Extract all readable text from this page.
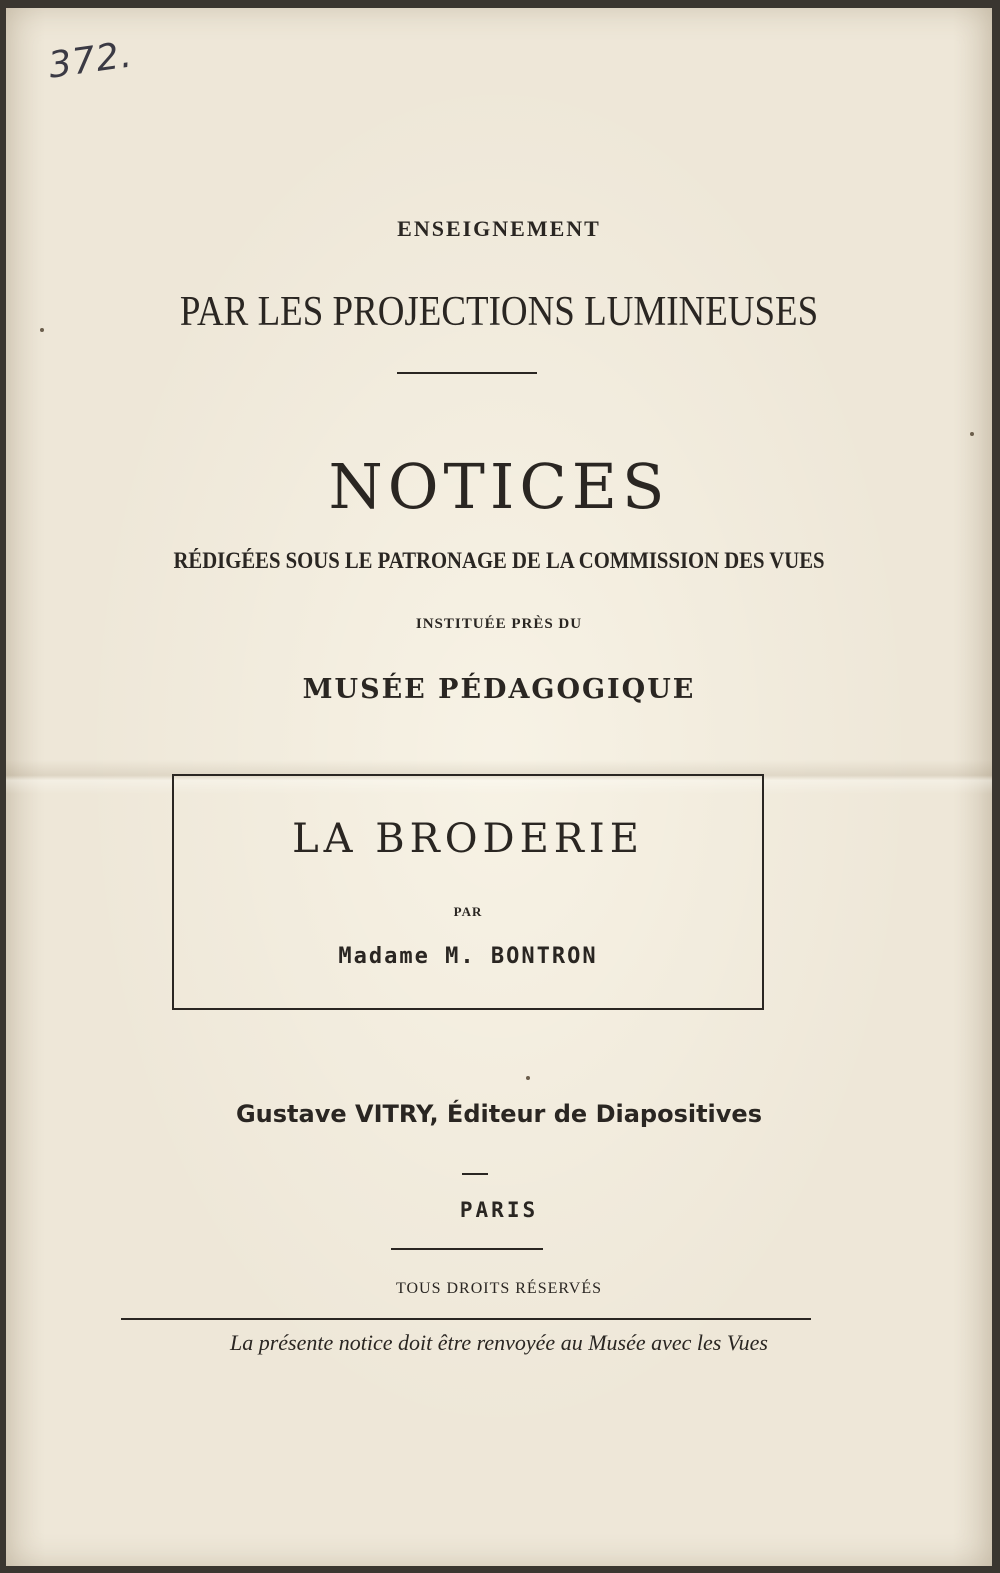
372.
ENSEIGNEMENT
PAR LES PROJECTIONS LUMINEUSES
NOTICES
RÉDIGÉES SOUS LE PATRONAGE DE LA COMMISSION DES VUES
INSTITUÉE PRÈS DU
MUSÉE PÉDAGOGIQUE
LA BRODERIE
PAR
Madame M. BONTRON
Gustave VITRY, Éditeur de Diapositives
PARIS
TOUS DROITS RÉSERVÉS
La présente notice doit être renvoyée au Musée avec les Vues
